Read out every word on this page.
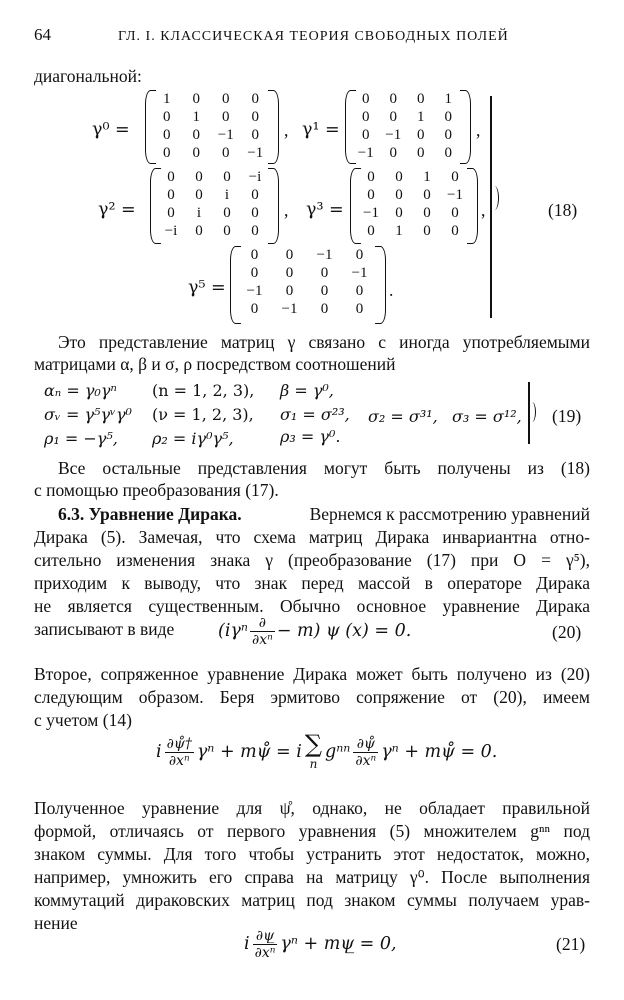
64	ГЛ. I. КЛАССИЧЕСКАЯ ТЕОРИЯ СВОБОДНЫХ ПОЛЕЙ
диагональной:
γ⁰ =
1	0	0	0
0	1	0	0
0	0	−1	0
0	0	0	−1
, γ¹ =
0	0	0	1
0	0	1	0
0	−1	0	0
−1	0	0	0
,
γ² =
0	0	0	−i
0	0	i	0
0	i	0	0
−i	0	0	0
, γ³ =
0	0	1	0
0	0	0	−1
−1	0	0	0
0	1	0	0
,
γ⁵ =
0	0	−1	0
0	0	0	−1
−1	0	0	0
0	−1	0	0
.
(18)
Это представление матриц γ связано с иногда употребляемыми
матрицами α, β и σ, ρ посредством соотношений
αₙ = γ₀γⁿ (n = 1, 2, 3), β = γ⁰,
σᵥ = γ⁵γᵛγ⁰ (ν = 1, 2, 3), σ₁ = σ²³, σ₂ = σ³¹, σ₃ = σ¹²,
ρ₁ = −γ⁵, ρ₂ = iγ⁰γ⁵,	ρ₃ = γ⁰.
(19)
Все остальные представления могут быть получены из (18)
с помощью преобразования (17).
6.3. Уравнение Дирака.	Вернемся к рассмотрению уравнений
Дирака (5). Замечая, что схема матриц Дирака инвариантна отно-
сительно изменения знака γ (преобразование (17) при O = γ⁵),
приходим к выводу, что знак перед массой в операторе Дирака
не является существенным. Обычно основное уравнение Дирака
записывают в виде	$(i\gamma^n \frac{\partial}{\text{∂xⁿ}} - m)$ ψ (x) = 0.	(20)
Второе, сопряженное уравнение Дирака может быть получено из (20)
следующим образом. Беря эрмитово сопряжение от (20), имеем
с учетом (14)
i $\frac{\partial\psi̊\dagger}{\text{∂xⁿ}}$ γⁿ + mψ̊ = i ∑
n
gⁿⁿ $\frac{\partial\psi̊}{\text{∂xⁿ}}$ γⁿ + mψ̊ = 0.
Полученное уравнение для ψ̊, однако, не обладает правильной
формой, отличаясь от первого уравнения (5) множителем gⁿⁿ под
знаком суммы. Для того чтобы устранить этот недостаток, можно,
например, умножить его справа на матрицу γ⁰. После выполнения
коммутаций дираковских матриц под знаком суммы получаем урав-
нение
i $\frac{\partial\psi̲}{\text{∂xⁿ}}$ γⁿ + mψ̲ = 0,	(21)
